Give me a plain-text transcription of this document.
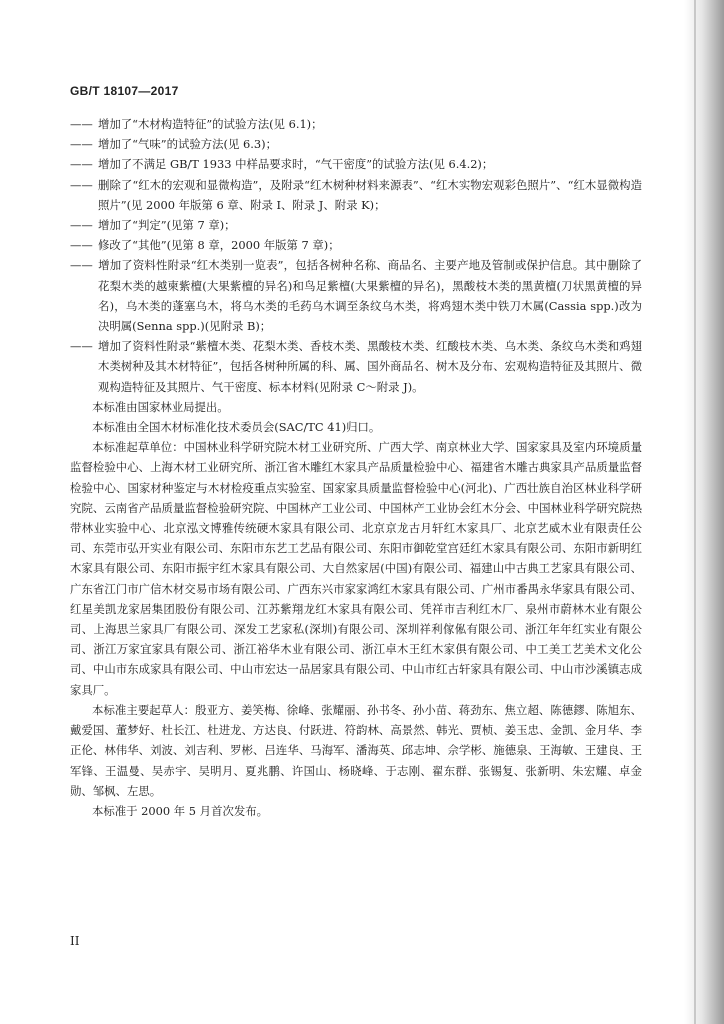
GB/T 18107—2017

—— 增加了“木材构造特征”的试验方法(见 6.1)；

—— 增加了“气味”的试验方法(见 6.3)；

—— 增加了不满足 GB/T 1933 中样品要求时，“气干密度”的试验方法(见 6.4.2)；

—— 删除了“红木的宏观和显微构造”，及附录“红木树种材料来源表”、“红木实物宏观彩色照片”、“红木显微构造照片”(见 2000 年版第 6 章、附录 I、附录 J、附录 K)；

—— 增加了“判定”(见第 7 章)；

—— 修改了“其他”(见第 8 章，2000 年版第 7 章)；

—— 增加了资料性附录“红木类别一览表”，包括各树种名称、商品名、主要产地及管制或保护信息。其中删除了花梨木类的越柬紫檀(大果紫檀的异名)和鸟足紫檀(大果紫檀的异名)，黑酸枝木类的黑黄檀(刀状黑黄檀的异名)，乌木类的蓬塞乌木，将乌木类的毛药乌木调至条纹乌木类，将鸡翅木类中铁刀木属(Cassia spp.)改为决明属(Senna spp.)(见附录 B)；

—— 增加了资料性附录“紫檀木类、花梨木类、香枝木类、黑酸枝木类、红酸枝木类、乌木类、条纹乌木类和鸡翅木类树种及其木材特征”，包括各树种所属的科、属、国外商品名、树木及分布、宏观构造特征及其照片、微观构造特征及其照片、气干密度、标本材料(见附录 C～附录 J)。

本标准由国家林业局提出。

本标准由全国木材标准化技术委员会(SAC/TC 41)归口。

本标准起草单位：中国林业科学研究院木材工业研究所、广西大学、南京林业大学、国家家具及室内环境质量监督检验中心、上海木材工业研究所、浙江省木雕红木家具产品质量检验中心、福建省木雕古典家具产品质量监督检验中心、国家材种鉴定与木材检疫重点实验室、国家家具质量监督检验中心(河北)、广西壮族自治区林业科学研究院、云南省产品质量监督检验研究院、中国林产工业公司、中国林产工业协会红木分会、中国林业科学研究院热带林业实验中心、北京泓文博雅传统硬木家具有限公司、北京京龙古月轩红木家具厂、北京艺威木业有限责任公司、东莞市弘开实业有限公司、东阳市东艺工艺品有限公司、东阳市御乾堂宫廷红木家具有限公司、东阳市新明红木家具有限公司、东阳市振宇红木家具有限公司、大自然家居(中国)有限公司、福建山中古典工艺家具有限公司、广东省江门市广信木材交易市场有限公司、广西东兴市家家鸿红木家具有限公司、广州市番禺永华家具有限公司、红星美凯龙家居集团股份有限公司、江苏紫翔龙红木家具有限公司、凭祥市吉利红木厂、泉州市蔚林木业有限公司、上海思兰家具厂有限公司、深发工艺家私(深圳)有限公司、深圳祥利傢俬有限公司、浙江年年红实业有限公司、浙江万家宜家具有限公司、浙江裕华木业有限公司、浙江卓木王红木家俱有限公司、中工美工艺美术文化公司、中山市东成家具有限公司、中山市宏达一品居家具有限公司、中山市红古轩家具有限公司、中山市沙溪镇志成家具厂。

本标准主要起草人：殷亚方、姜笑梅、徐峰、张耀丽、孙书冬、孙小苗、蒋劲东、焦立超、陈德鏐、陈旭东、戴爱国、董梦好、杜长江、杜进龙、方达良、付跃进、符韵林、高景然、韩光、贾桢、姜玉忠、金凯、金月华、李正伦、林伟华、刘波、刘吉利、罗彬、吕连华、马海军、潘海英、邱志坤、佘学彬、施德泉、王海敏、王建良、王军锋、王温曼、吴赤宇、吴明月、夏兆鹏、许国山、杨晓峰、于志刚、翟东群、张锡复、张新明、朱宏耀、卓金勋、邹枫、左思。

本标准于 2000 年 5 月首次发布。

II
